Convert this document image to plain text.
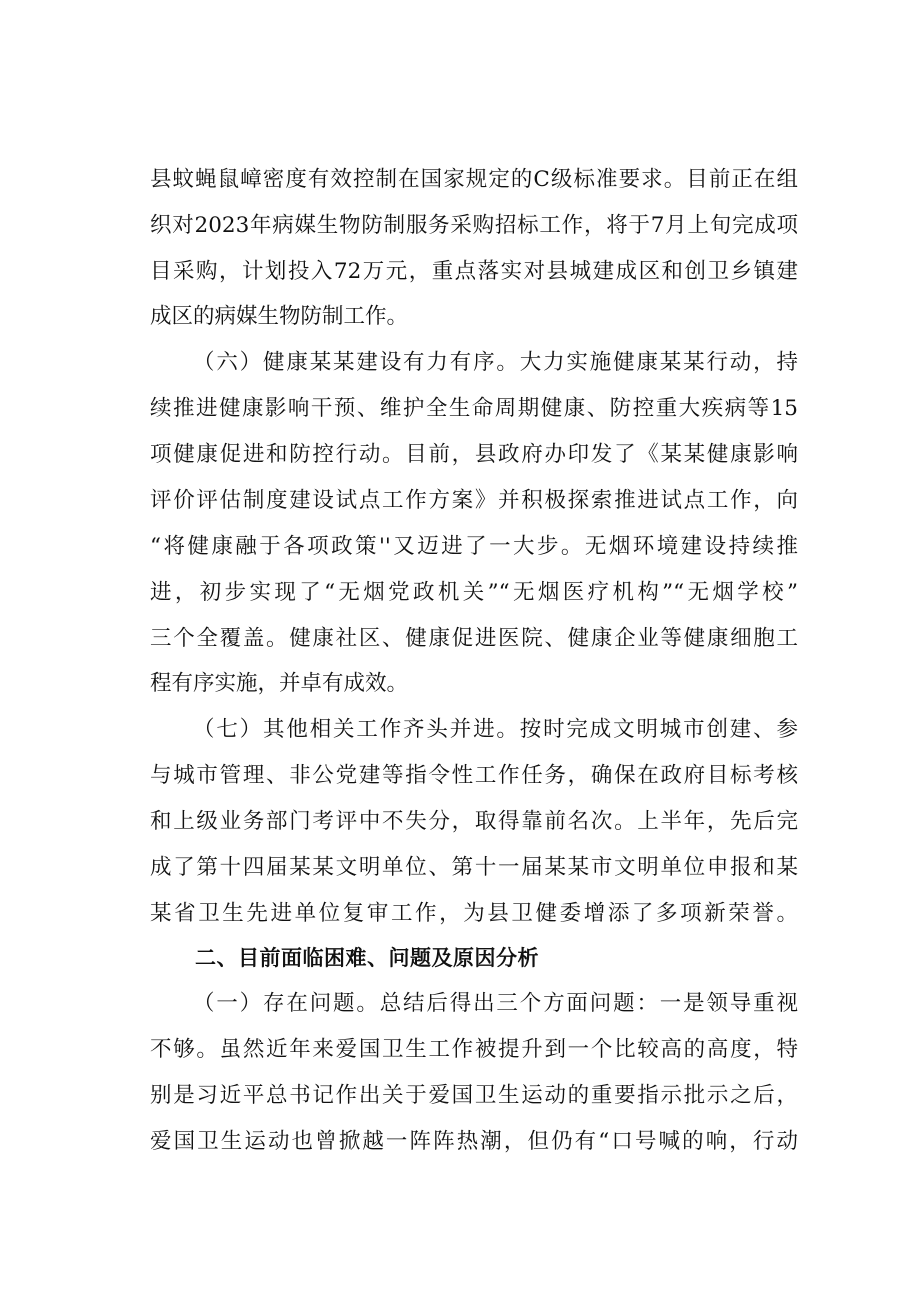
县蚊蝇鼠嶂密度有效控制在国家规定的C级标准要求。目前正在组
织对2023年病媒生物防制服务采购招标工作，将于7月上旬完成项
目采购，计划投入72万元，重点落实对县城建成区和创卫乡镇建
成区的病媒生物防制工作。
（六）健康某某建设有力有序。大力实施健康某某行动，持
续推进健康影响干预、维护全生命周期健康、防控重大疾病等15
项健康促进和防控行动。目前，县政府办印发了《某某健康影响
评价评估制度建设试点工作方案》并积极探索推进试点工作，向
“将健康融于各项政策''又迈进了一大步。无烟环境建设持续推
进，初步实现了“无烟党政机关”“无烟医疗机构”“无烟学校”
三个全覆盖。健康社区、健康促进医院、健康企业等健康细胞工
程有序实施，并卓有成效。
（七）其他相关工作齐头并进。按时完成文明城市创建、参
与城市管理、非公党建等指令性工作任务，确保在政府目标考核
和上级业务部门考评中不失分，取得靠前名次。上半年，先后完
成了第十四届某某文明单位、第十一届某某市文明单位申报和某
某省卫生先进单位复审工作，为县卫健委增添了多项新荣誉。
二、目前面临困难、问题及原因分析
（一）存在问题。总结后得出三个方面问题：一是领导重视
不够。虽然近年来爱国卫生工作被提升到一个比较高的高度，特
别是习近平总书记作出关于爱国卫生运动的重要指示批示之后，
爱国卫生运动也曾掀越一阵阵热潮，但仍有“口号喊的响，行动
